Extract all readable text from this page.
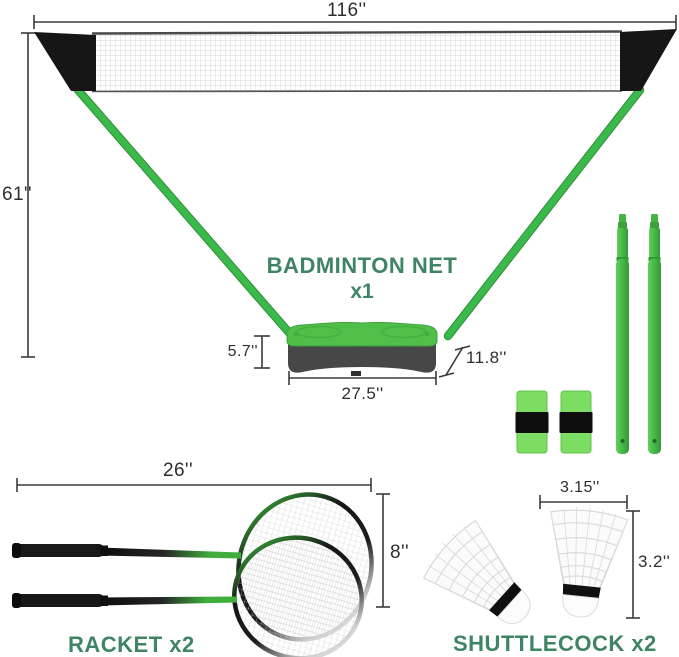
116''
61''
BADMINTON NET
x1
5.7''
27.5''
11.8''
26''
8''
RACKET x2
3.15''
3.2''
SHUTTLECOCK x2
